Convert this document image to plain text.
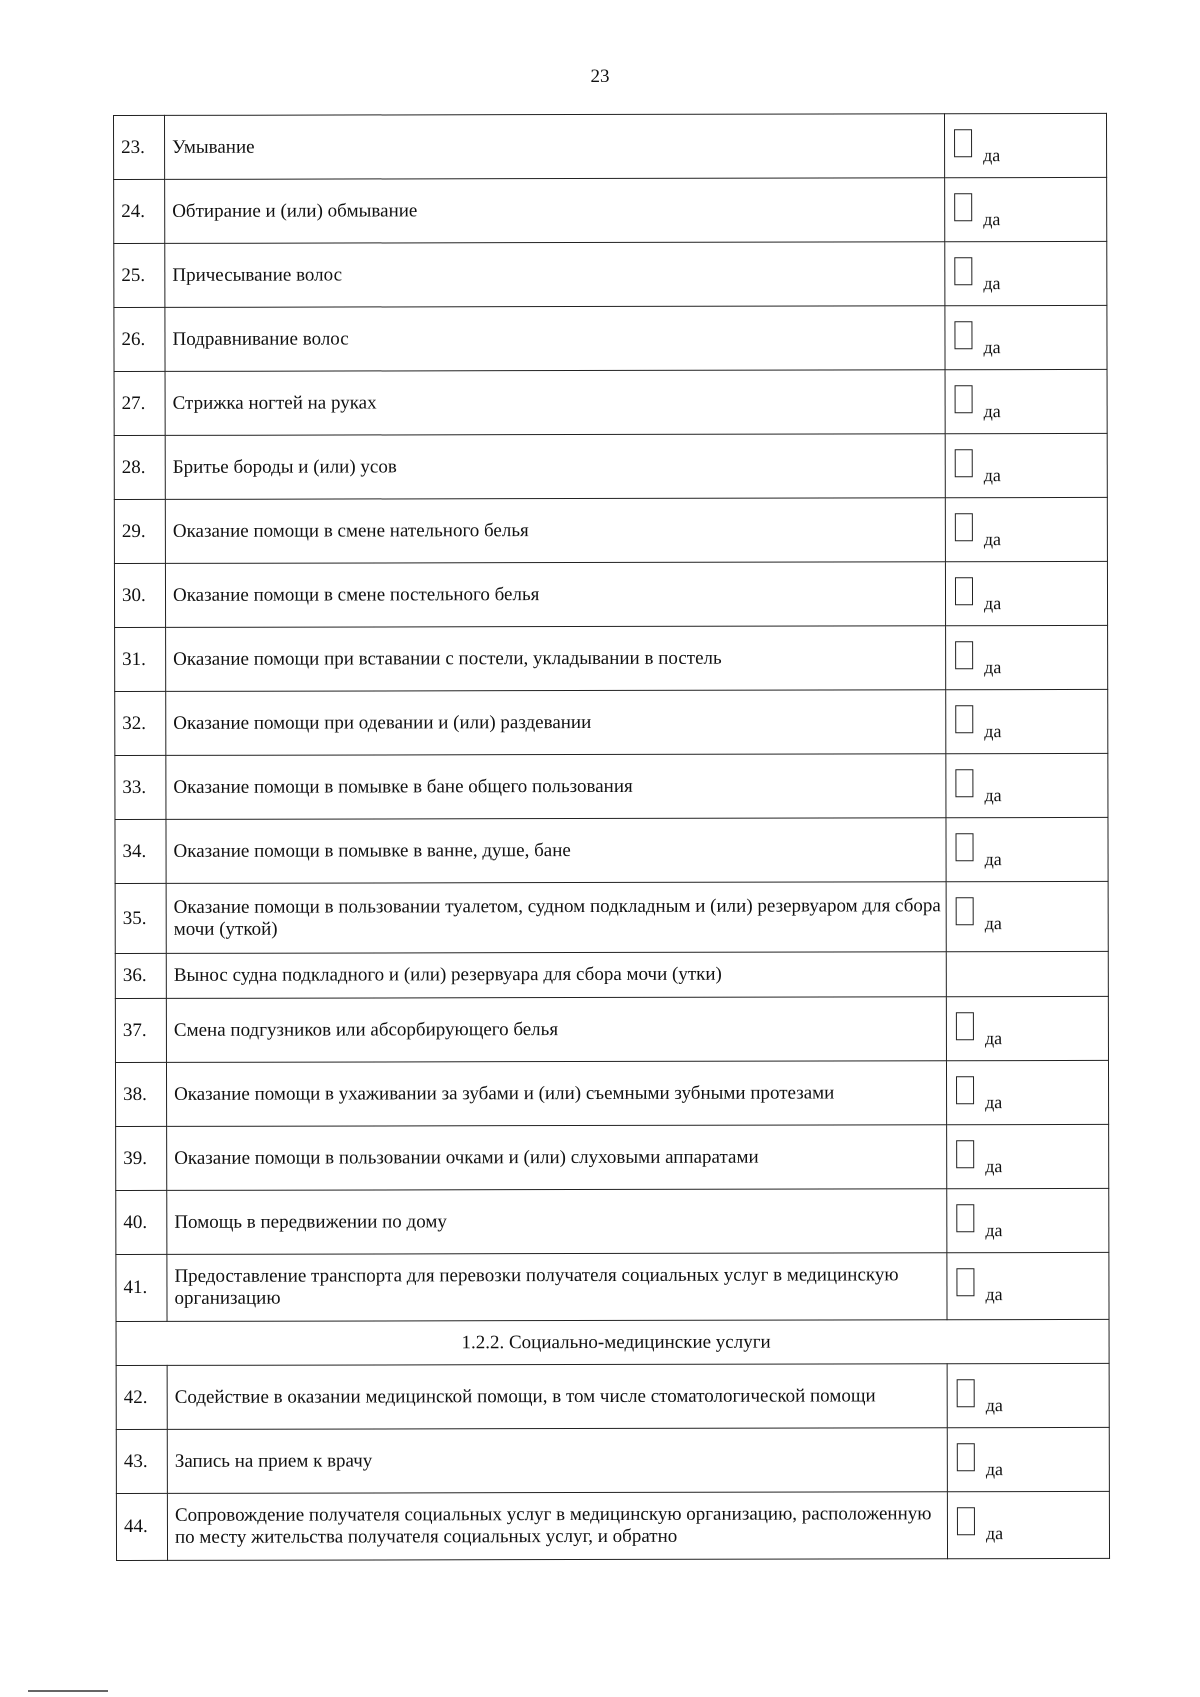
23
23.	Умывание	да

24.	Обтирание и (или) обмывание	да

25.	Причесывание волос	да

26.	Подравнивание волос	да

27.	Стрижка ногтей на руках	да

28.	Бритье бороды и (или) усов	да

29.	Оказание помощи в смене нательного белья	да

30.	Оказание помощи в смене постельного белья	да

31.	Оказание помощи при вставании с постели, укладывании в постель	да

32.	Оказание помощи при одевании и (или) раздевании	да

33.	Оказание помощи в помывке в бане общего пользования	да

34.	Оказание помощи в помывке в ванне, душе, бане	да

35.	Оказание помощи в пользовании туалетом, судном подкладным и (или) резервуаром для сбора мочи (уткой)	да

36.	Вынос судна подкладного и (или) резервуара для сбора мочи (утки)	
37.	Смена подгузников или абсорбирующего белья	да

38.	Оказание помощи в ухаживании за зубами и (или) съемными зубными протезами	да

39.	Оказание помощи в пользовании очками и (или) слуховыми аппаратами	да

40.	Помощь в передвижении по дому	да

41.	Предоставление транспорта для перевозки получателя социальных услуг в медицинскую организацию	да

1.2.2. Социально-медицинские услуги		
42.	Содействие в оказании медицинской помощи, в том числе стоматологической помощи	да

43.	Запись на прием к врачу	да

44.	Сопровождение получателя социальных услуг в медицинскую организацию, расположенную по месту жительства получателя социальных услуг, и обратно	да
